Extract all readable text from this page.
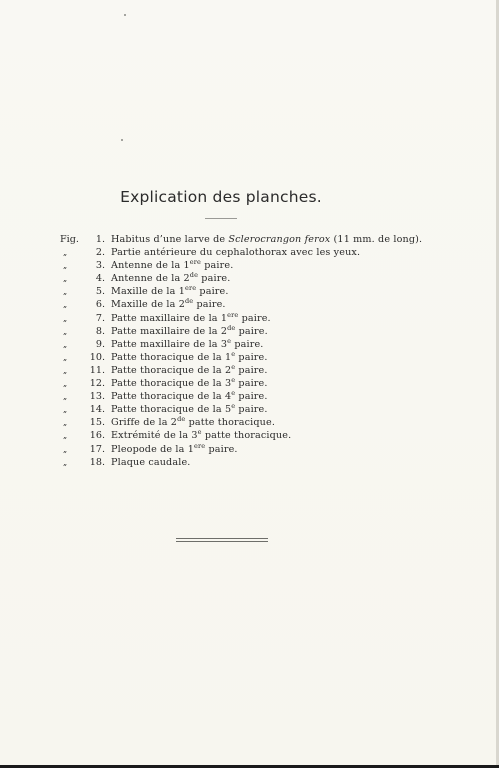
Explication des planches.
Fig.	1. Habitus d’une larve de Sclerocrangon ferox (11 mm. de long).
„	2. Partie antérieure du cephalothorax avec les yeux.
„	3. Antenne de la 1ere paire.
„	4. Antenne de la 2de paire.
„	5. Maxille de la 1ere paire.
„	6. Maxille de la 2de paire.
„	7. Patte maxillaire de la 1ere paire.
„	8. Patte maxillaire de la 2de paire.
„	9. Patte maxillaire de la 3e paire.
„	10. Patte thoracique de la 1e paire.
„	11. Patte thoracique de la 2e paire.
„	12. Patte thoracique de la 3e paire.
„	13. Patte thoracique de la 4e paire.
„	14. Patte thoracique de la 5e paire.
„	15. Griffe de la 2de patte thoracique.
„	16. Extrémité de la 3e patte thoracique.
„	17. Pleopode de la 1ere paire.
„	18. Plaque caudale.
